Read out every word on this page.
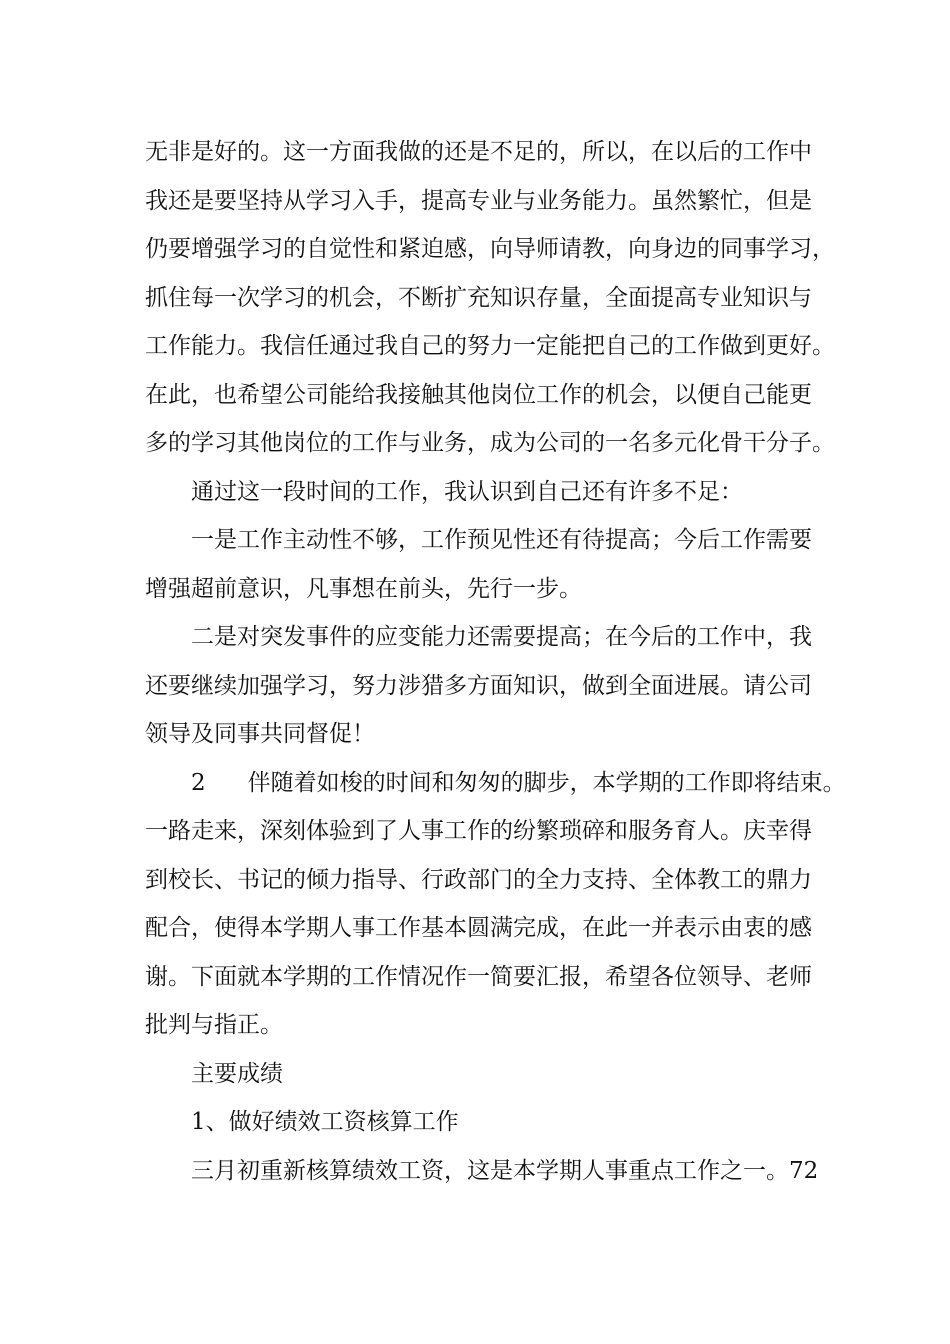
无非是好的。这一方面我做的还是不足的，所以，在以后的工作中
我还是要坚持从学习入手，提高专业与业务能力。虽然繁忙，但是
仍要增强学习的自觉性和紧迫感，向导师请教，向身边的同事学习，
抓住每一次学习的机会，不断扩充知识存量，全面提高专业知识与
工作能力。我信任通过我自己的努力一定能把自己的工作做到更好。
在此，也希望公司能给我接触其他岗位工作的机会，以便自己能更
多的学习其他岗位的工作与业务，成为公司的一名多元化骨干分子。
通过这一段时间的工作，我认识到自己还有许多不足：
一是工作主动性不够，工作预见性还有待提高；今后工作需要
增强超前意识，凡事想在前头，先行一步。
二是对突发事件的应变能力还需要提高；在今后的工作中，我
还要继续加强学习，努力涉猎多方面知识，做到全面进展。请公司
领导及同事共同督促！
2 伴随着如梭的时间和匆匆的脚步，本学期的工作即将结束。
一路走来，深刻体验到了人事工作的纷繁琐碎和服务育人。庆幸得
到校长、书记的倾力指导、行政部门的全力支持、全体教工的鼎力
配合，使得本学期人事工作基本圆满完成，在此一并表示由衷的感
谢。下面就本学期的工作情况作一简要汇报，希望各位领导、老师
批判与指正。
主要成绩
1、做好绩效工资核算工作
三月初重新核算绩效工资，这是本学期人事重点工作之一。72
